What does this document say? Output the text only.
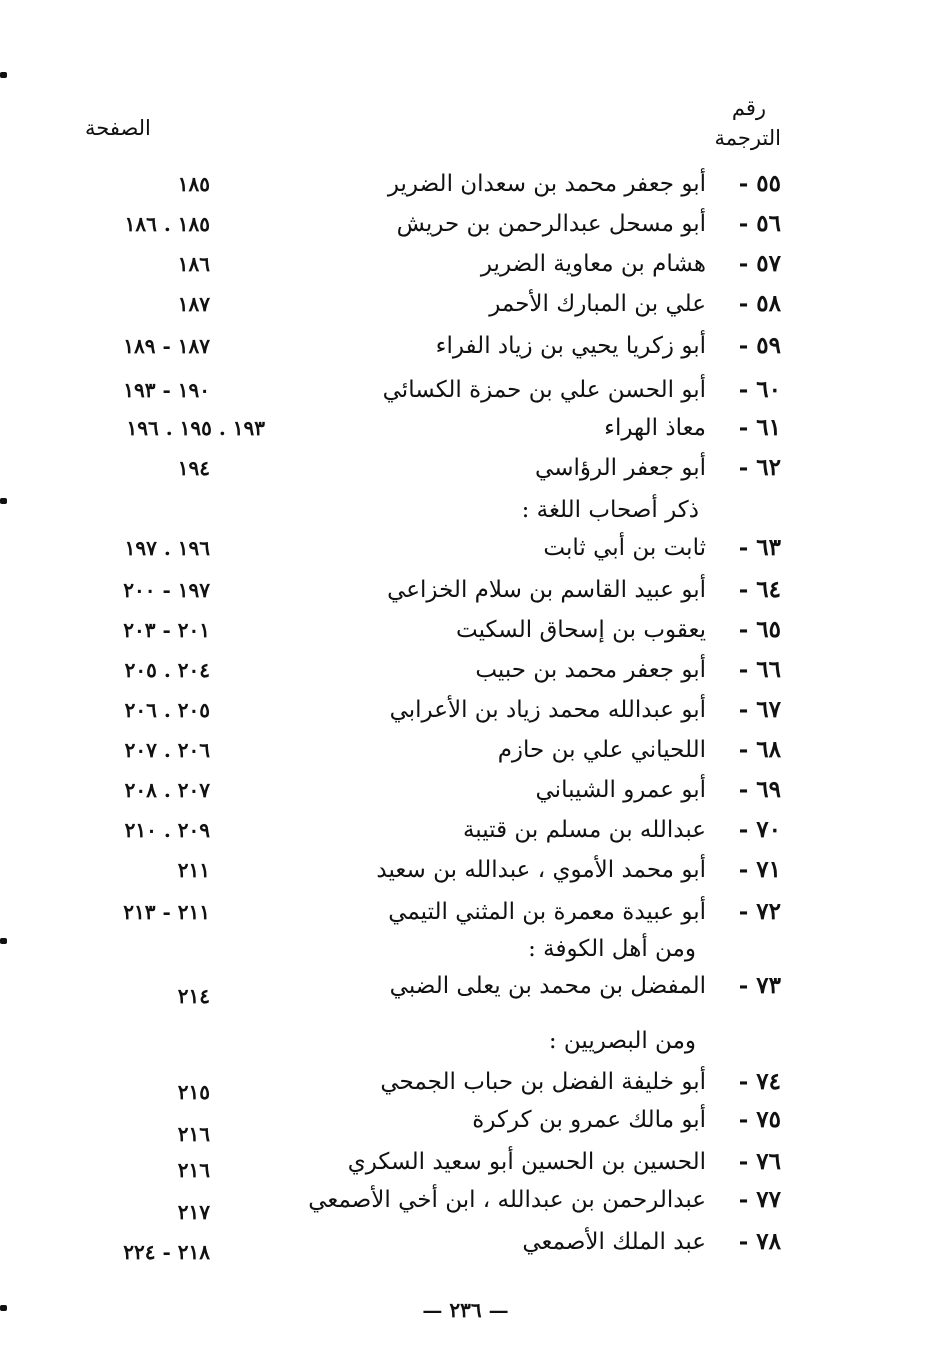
رقم
الترجمة
الصفحة
٥٥-
أبو جعفر محمد بن سعدان الضرير
١٨٥
٥٦-
أبو مسحل عبدالرحمن بن حريش
١٨٥ . ١٨٦
٥٧-
هشام بن معاوية الضرير
١٨٦
٥٨-
علي بن المبارك الأحمر
١٨٧
٥٩-
أبو زكريا يحيي بن زياد الفراء
١٨٧ - ١٨٩
٦٠-
أبو الحسن علي بن حمزة الكسائي
١٩٠ - ١٩٣
٦١-
معاذ الهراء
١٩٣ . ١٩٥ . ١٩٦
٦٢-
أبو جعفر الرؤاسي
١٩٤
ذكر أصحاب اللغة :
٦٣-
ثابت بن أبي ثابت
١٩٦ . ١٩٧
٦٤-
أبو عبيد القاسم بن سلام الخزاعي
١٩٧ - ٢٠٠
٦٥-
يعقوب بن إسحاق السكيت
٢٠١ - ٢٠٣
٦٦-
أبو جعفر محمد بن حبيب
٢٠٤ . ٢٠٥
٦٧-
أبو عبدالله محمد زياد بن الأعرابي
٢٠٥ . ٢٠٦
٦٨-
اللحياني علي بن حازم
٢٠٦ . ٢٠٧
٦٩-
أبو عمرو الشيباني
٢٠٧ . ٢٠٨
٧٠-
عبدالله بن مسلم بن قتيبة
٢٠٩ . ٢١٠
٧١-
أبو محمد الأموي ، عبدالله بن سعيد
٢١١
٧٢-
أبو عبيدة معمرة بن المثني التيمي
٢١١ - ٢١٣
ومن أهل الكوفة :
٧٣-
المفضل بن محمد بن يعلى الضبي
٢١٤
ومن البصريين :
٧٤-
أبو خليفة الفضل بن حباب الجمحي
٢١٥
٧٥-
أبو مالك عمرو بن كركرة
٢١٦
٧٦-
الحسين بن الحسين أبو سعيد السكري
٢١٦
٧٧-
عبدالرحمن بن عبدالله ، ابن أخي الأصمعي
٢١٧
٧٨-
عبد الملك الأصمعي
٢١٨ - ٢٢٤
— ٢٣٦ —
